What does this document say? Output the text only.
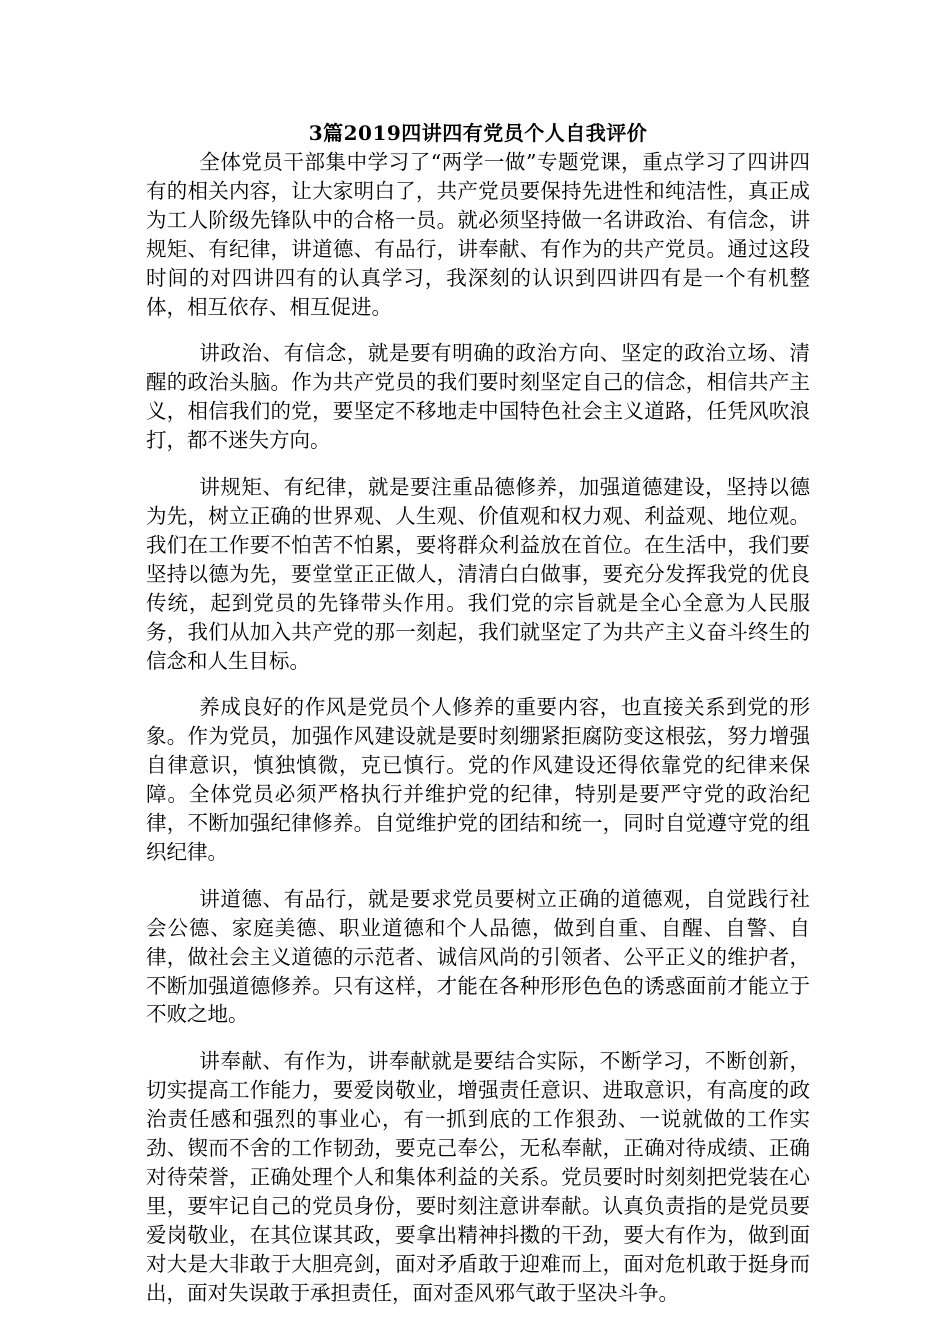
3篇2019四讲四有党员个人自我评价

全体党员干部集中学习了“两学一做”专题党课，重点学习了四讲四有的相关内容，让大家明白了，共产党员要保持先进性和纯洁性，真正成为工人阶级先锋队中的合格一员。就必须坚持做一名讲政治、有信念，讲规矩、有纪律，讲道德、有品行，讲奉献、有作为的共产党员。通过这段时间的对四讲四有的认真学习，我深刻的认识到四讲四有是一个有机整体，相互依存、相互促进。

讲政治、有信念，就是要有明确的政治方向、坚定的政治立场、清醒的政治头脑。作为共产党员的我们要时刻坚定自己的信念，相信共产主义，相信我们的党，要坚定不移地走中国特色社会主义道路，任凭风吹浪打，都不迷失方向。

讲规矩、有纪律，就是要注重品德修养，加强道德建设，坚持以德为先，树立正确的世界观、人生观、价值观和权力观、利益观、地位观。我们在工作要不怕苦不怕累，要将群众利益放在首位。在生活中，我们要坚持以德为先，要堂堂正正做人，清清白白做事，要充分发挥我党的优良传统，起到党员的先锋带头作用。我们党的宗旨就是全心全意为人民服务，我们从加入共产党的那一刻起，我们就坚定了为共产主义奋斗终生的信念和人生目标。

养成良好的作风是党员个人修养的重要内容，也直接关系到党的形象。作为党员，加强作风建设就是要时刻绷紧拒腐防变这根弦，努力增强自律意识，慎独慎微，克已慎行。党的作风建设还得依靠党的纪律来保障。全体党员必须严格执行并维护党的纪律，特别是要严守党的政治纪律，不断加强纪律修养。自觉维护党的团结和统一，同时自觉遵守党的组织纪律。

讲道德、有品行，就是要求党员要树立正确的道德观，自觉践行社会公德、家庭美德、职业道德和个人品德，做到自重、自醒、自警、自律，做社会主义道德的示范者、诚信风尚的引领者、公平正义的维护者，不断加强道德修养。只有这样，才能在各种形形色色的诱惑面前才能立于不败之地。

讲奉献、有作为，讲奉献就是要结合实际，不断学习，不断创新，切实提高工作能力，要爱岗敬业，增强责任意识、进取意识，有高度的政治责任感和强烈的事业心，有一抓到底的工作狠劲、一说就做的工作实劲、锲而不舍的工作韧劲，要克己奉公，无私奉献，正确对待成绩、正确对待荣誉，正确处理个人和集体利益的关系。党员要时时刻刻把党装在心里，要牢记自己的党员身份，要时刻注意讲奉献。认真负责指的是党员要爱岗敬业，在其位谋其政，要拿出精神抖擞的干劲，要大有作为，做到面对大是大非敢于大胆亮剑，面对矛盾敢于迎难而上，面对危机敢于挺身而出，面对失误敢于承担责任，面对歪风邪气敢于坚决斗争。
